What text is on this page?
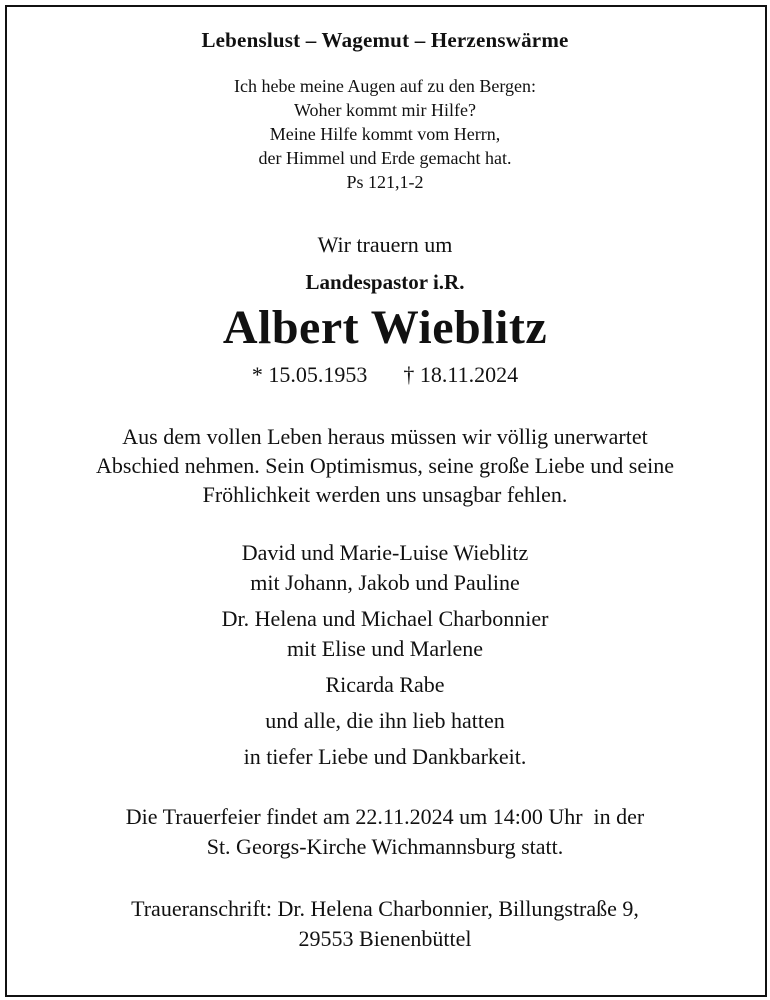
Lebenslust – Wagemut – Herzenswärme
Ich hebe meine Augen auf zu den Bergen:
Woher kommt mir Hilfe?
Meine Hilfe kommt vom Herrn,
der Himmel und Erde gemacht hat.
Ps 121,1-2
Wir trauern um
Landespastor i.R.
Albert Wieblitz
* 15.05.1953 † 18.11.2024
Aus dem vollen Leben heraus müssen wir völlig unerwartet
Abschied nehmen. Sein Optimismus, seine große Liebe und seine
Fröhlichkeit werden uns unsagbar fehlen.
David und Marie-Luise Wieblitz
mit Johann, Jakob und Pauline
Dr. Helena und Michael Charbonnier
mit Elise und Marlene
Ricarda Rabe
und alle, die ihn lieb hatten
in tiefer Liebe und Dankbarkeit.
Die Trauerfeier findet am 22.11.2024 um 14:00 Uhr  in der
St. Georgs-Kirche Wichmannsburg statt.
Traueranschrift: Dr. Helena Charbonnier, Billungstraße 9,
29553 Bienenbüttel
